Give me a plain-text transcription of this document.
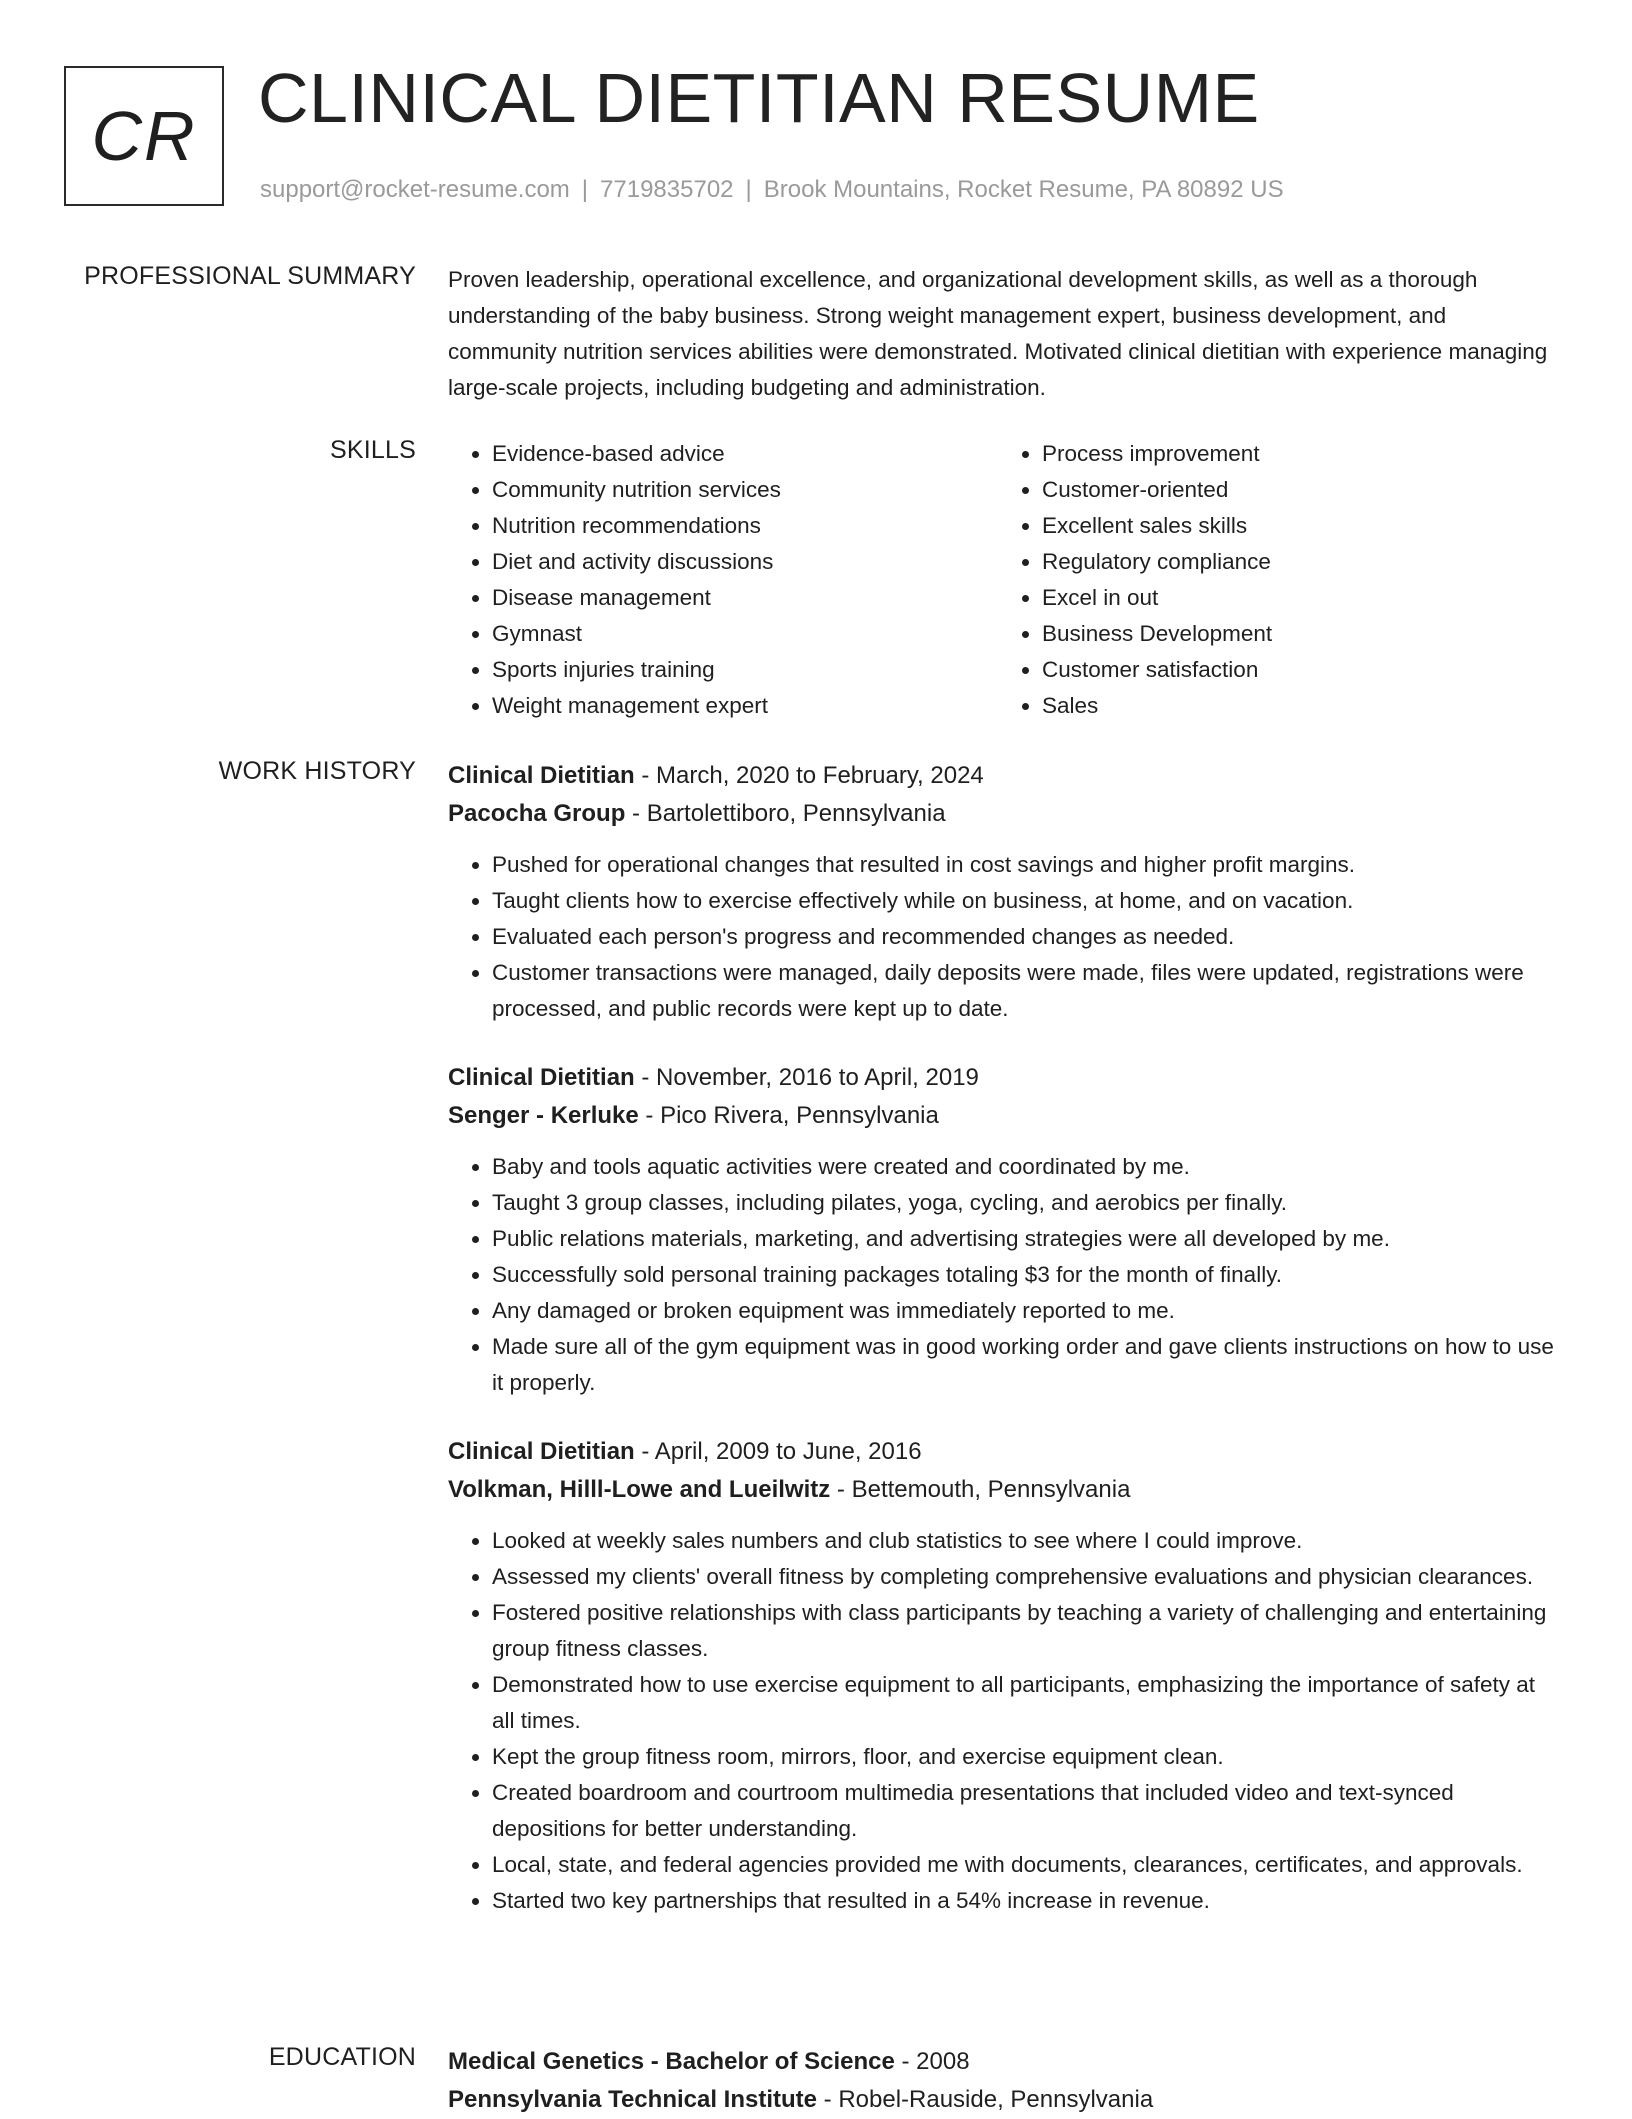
CR CLINICAL DIETITIAN RESUME
support@rocket-resume.com | 7719835702 | Brook Mountains, Rocket Resume, PA 80892 US
PROFESSIONAL SUMMARY Proven leadership, operational excellence, and organizational development skills, as well as a thorough understanding of the baby business. Strong weight management expert, business development, and community nutrition services abilities were demonstrated. Motivated clinical dietitian with experience managing large-scale projects, including budgeting and administration.

SKILLS
•	Evidence-based advice
• Community nutrition services
• Nutrition recommendations
• Diet and activity discussions
• Disease management
• Gymnast
• Sports injuries training
• Weight management expert
• Process improvement
• Customer-oriented
• Excellent sales skills
• Regulatory compliance
• Excel in out
• Business Development
• Customer satisfaction
• Sales
WORK HISTORY Clinical Dietitian - March, 2020 to February, 2024
Pacocha Group - Bartolettiboro, Pennsylvania
• Pushed for operational changes that resulted in cost savings and higher profit margins.
• Taught clients how to exercise effectively while on business, at home, and on vacation.
• Evaluated each person's progress and recommended changes as needed.
• Customer transactions were managed, daily deposits were made, files were updated, registrations were processed, and public records were kept up to date.
Clinical Dietitian - November, 2016 to April, 2019
Senger - Kerluke - Pico Rivera, Pennsylvania
• Baby and tools aquatic activities were created and coordinated by me.
• Taught 3 group classes, including pilates, yoga, cycling, and aerobics per finally.
• Public relations materials, marketing, and advertising strategies were all developed by me.
• Successfully sold personal training packages totaling $3 for the month of finally.
• Any damaged or broken equipment was immediately reported to me.
• Made sure all of the gym equipment was in good working order and gave clients instructions on how to use it properly.
Clinical Dietitian - April, 2009 to June, 2016
Volkman, Hilll-Lowe and Lueilwitz - Bettemouth, Pennsylvania
• Looked at weekly sales numbers and club statistics to see where I could improve.
• Assessed my clients' overall fitness by completing comprehensive evaluations and physician clearances.
• Fostered positive relationships with class participants by teaching a variety of challenging and entertaining group fitness classes.
• Demonstrated how to use exercise equipment to all participants, emphasizing the importance of safety at all times.
• Kept the group fitness room, mirrors, floor, and exercise equipment clean.
• Created boardroom and courtroom multimedia presentations that included video and text-synced depositions for better understanding.
• Local, state, and federal agencies provided me with documents, clearances, certificates, and approvals.
• Started two key partnerships that resulted in a 54% increase in revenue.
EDUCATION Medical Genetics - Bachelor of Science - 2008
Pennsylvania Technical Institute - Robel-Rauside, Pennsylvania
